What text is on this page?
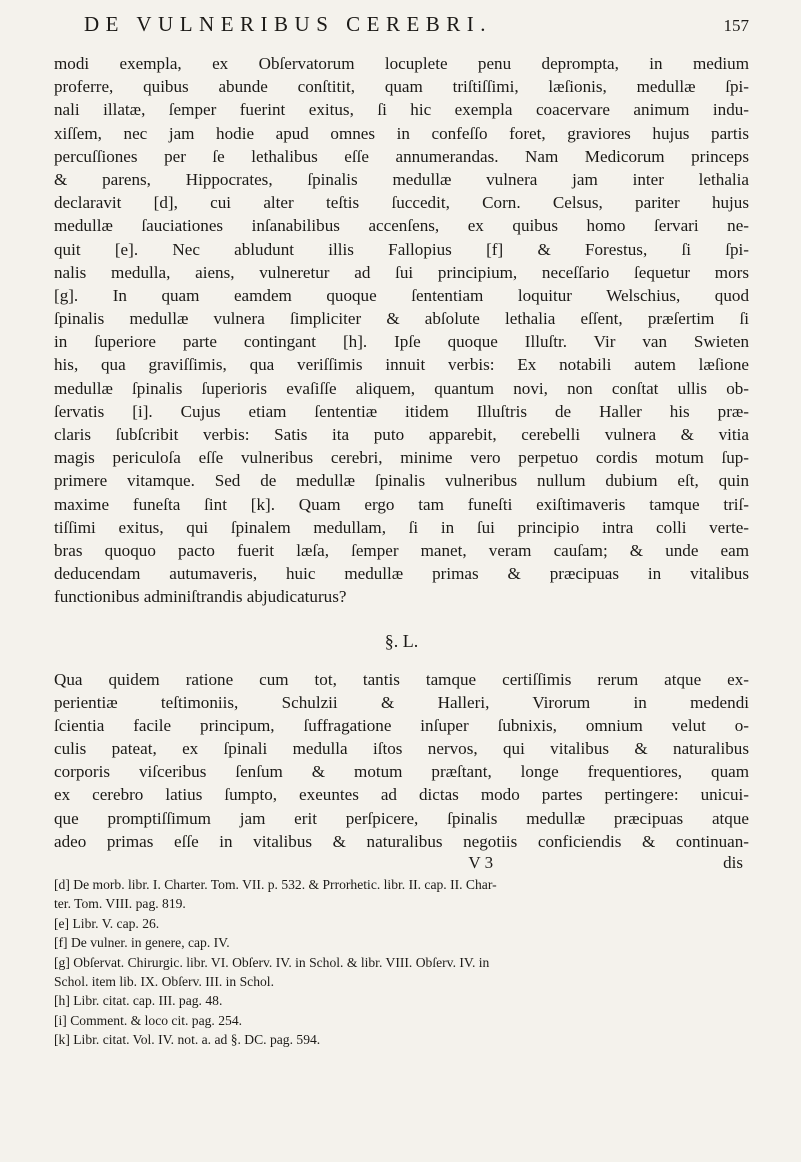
DE VULNERIBUS CEREBRI.	157
modi exempla, ex Obſervatorum locuplete penu deprompta, in medium
proferre, quibus abunde conſtitit, quam triſtiſſimi, læſionis, medullæ ſpi-
nali illatæ, ſemper fuerint exitus, ſi hic exempla coacervare animum indu-
xiſſem, nec jam hodie apud omnes in confeſſo foret, graviores hujus partis
percuſſiones per ſe lethalibus eſſe annumerandas. Nam Medicorum princeps
& parens, Hippocrates, ſpinalis medullæ vulnera jam inter lethalia
declaravit [d], cui alter teſtis ſuccedit, Corn. Celsus, pariter hujus
medullæ ſauciationes inſanabilibus accenſens, ex quibus homo ſervari ne-
quit [e]. Nec abludunt illis Fallopius [f] & Forestus, ſi ſpi-
nalis medulla, aiens, vulneretur ad ſui principium, neceſſario ſequetur mors
[g]. In quam eamdem quoque ſententiam loquitur Welschius, quod
ſpinalis medullæ vulnera ſimpliciter & abſolute lethalia eſſent, præſertim ſi
in ſuperiore parte contingant [h]. Ipſe quoque Illuſtr. Vir van Swieten
his, qua graviſſimis, qua veriſſimis innuit verbis: Ex notabili autem læſione
medullæ ſpinalis ſuperioris evaſiſſe aliquem, quantum novi, non conſtat ullis ob-
ſervatis [i]. Cujus etiam ſententiæ itidem Illuſtris de Haller his præ-
claris ſubſcribit verbis: Satis ita puto apparebit, cerebelli vulnera & vitia
magis periculoſa eſſe vulneribus cerebri, minime vero perpetuo cordis motum ſup-
primere vitamque. Sed de medullæ ſpinalis vulneribus nullum dubium eſt, quin
maxime funeſta ſint [k]. Quam ergo tam funeſti exiſtimaveris tamque triſ-
tiſſimi exitus, qui ſpinalem medullam, ſi in ſui principio intra colli verte-
bras quoquo pacto fuerit læſa, ſemper manet, veram cauſam; & unde eam
deducendam autumaveris, huic medullæ primas & præcipuas in vitalibus
functionibus adminiſtrandis abjudicaturus?
§. L.
Qua quidem ratione cum tot, tantis tamque certiſſimis rerum atque ex-
perientiæ teſtimoniis, Schulzii & Halleri, Virorum in medendi
ſcientia facile principum, ſuffragatione inſuper ſubnixis, omnium velut o-
culis pateat, ex ſpinali medulla iſtos nervos, qui vitalibus & naturalibus
corporis viſceribus ſenſum & motum præſtant, longe frequentiores, quam
ex cerebro latius ſumpto, exeuntes ad dictas modo partes pertingere: unicui-
que promptiſſimum jam erit perſpicere, ſpinalis medullæ præcipuas atque
adeo primas eſſe in vitalibus & naturalibus negotiis conficiendis & continuan-
V 3	dis
[d] De morb. libr. I. Charter. Tom. VII. p. 532. & Prrorhetic. libr. II. cap. II. Char-
ter. Tom. VIII. pag. 819.
[e] Libr. V. cap. 26.
[f] De vulner. in genere, cap. IV.
[g] Obſervat. Chirurgic. libr. VI. Obſerv. IV. in Schol. & libr. VIII. Obſerv. IV. in
Schol. item lib. IX. Obſerv. III. in Schol.
[h] Libr. citat. cap. III. pag. 48.
[i] Comment. & loco cit. pag. 254.
[k] Libr. citat. Vol. IV. not. a. ad §. DC. pag. 594.
